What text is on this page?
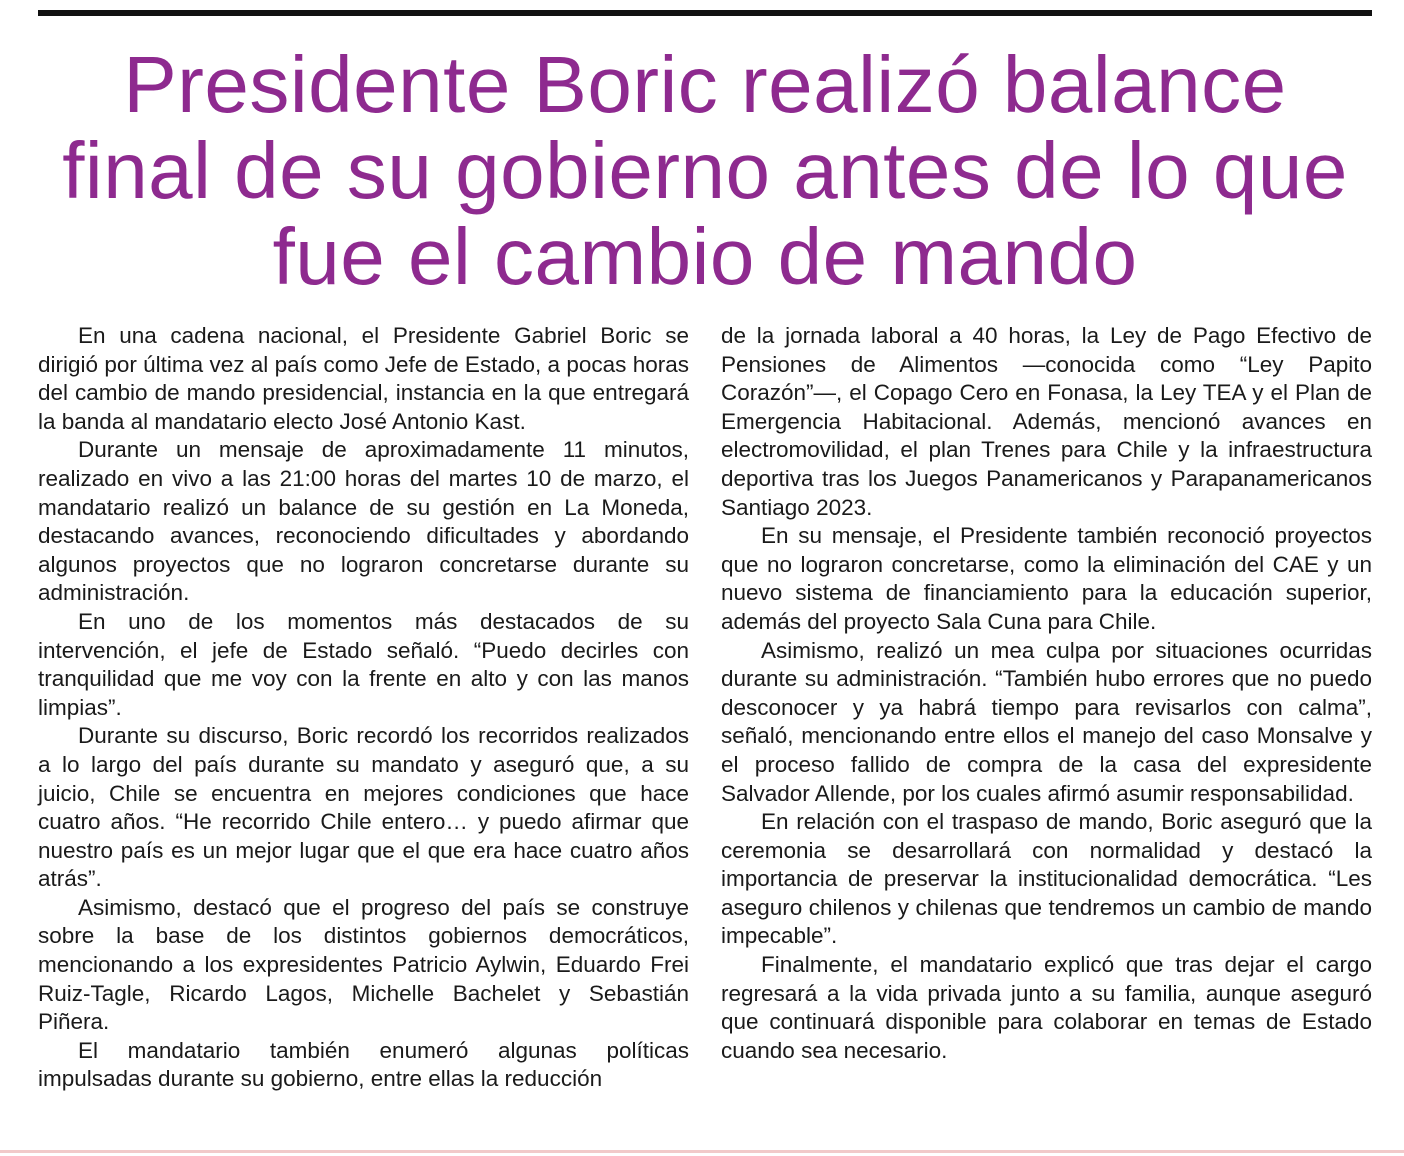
Presidente Boric realizó balance final de su gobierno antes de lo que fue el cambio de mando

En una cadena nacional, el Presidente Gabriel Boric se dirigió por última vez al país como Jefe de Estado, a pocas horas del cambio de mando presidencial, instancia en la que entregará la banda al mandatario electo José Antonio Kast.

Durante un mensaje de aproximadamente 11 minutos, realizado en vivo a las 21:00 horas del martes 10 de marzo, el mandatario realizó un balance de su gestión en La Moneda, destacando avances, reconociendo dificultades y abordando algunos proyectos que no lograron concretarse durante su administración.

En uno de los momentos más destacados de su intervención, el jefe de Estado señaló. “Puedo decirles con tranquilidad que me voy con la frente en alto y con las manos limpias”.

Durante su discurso, Boric recordó los recorridos realizados a lo largo del país durante su mandato y aseguró que, a su juicio, Chile se encuentra en mejores condiciones que hace cuatro años. “He recorrido Chile entero… y puedo afirmar que nuestro país es un mejor lugar que el que era hace cuatro años atrás”.

Asimismo, destacó que el progreso del país se construye sobre la base de los distintos gobiernos democráticos, mencionando a los expresidentes Patricio Aylwin, Eduardo Frei Ruiz-Tagle, Ricardo Lagos, Michelle Bachelet y Sebastián Piñera.

El mandatario también enumeró algunas políticas impulsadas durante su gobierno, entre ellas la reducción

de la jornada laboral a 40 horas, la Ley de Pago Efectivo de Pensiones de Alimentos —conocida como “Ley Papito Corazón”—, el Copago Cero en Fonasa, la Ley TEA y el Plan de Emergencia Habitacional. Además, mencionó avances en electromovilidad, el plan Trenes para Chile y la infraestructura deportiva tras los Juegos Panamericanos y Parapanamericanos Santiago 2023.

En su mensaje, el Presidente también reconoció proyectos que no lograron concretarse, como la eliminación del CAE y un nuevo sistema de financiamiento para la educación superior, además del proyecto Sala Cuna para Chile.

Asimismo, realizó un mea culpa por situaciones ocurridas durante su administración. “También hubo errores que no puedo desconocer y ya habrá tiempo para revisarlos con calma”, señaló, mencionando entre ellos el manejo del caso Monsalve y el proceso fallido de compra de la casa del expresidente Salvador Allende, por los cuales afirmó asumir responsabilidad.

En relación con el traspaso de mando, Boric aseguró que la ceremonia se desarrollará con normalidad y destacó la importancia de preservar la institucionalidad democrática. “Les aseguro chilenos y chilenas que tendremos un cambio de mando impecable”.

Finalmente, el mandatario explicó que tras dejar el cargo regresará a la vida privada junto a su familia, aunque aseguró que continuará disponible para colaborar en temas de Estado cuando sea necesario.
